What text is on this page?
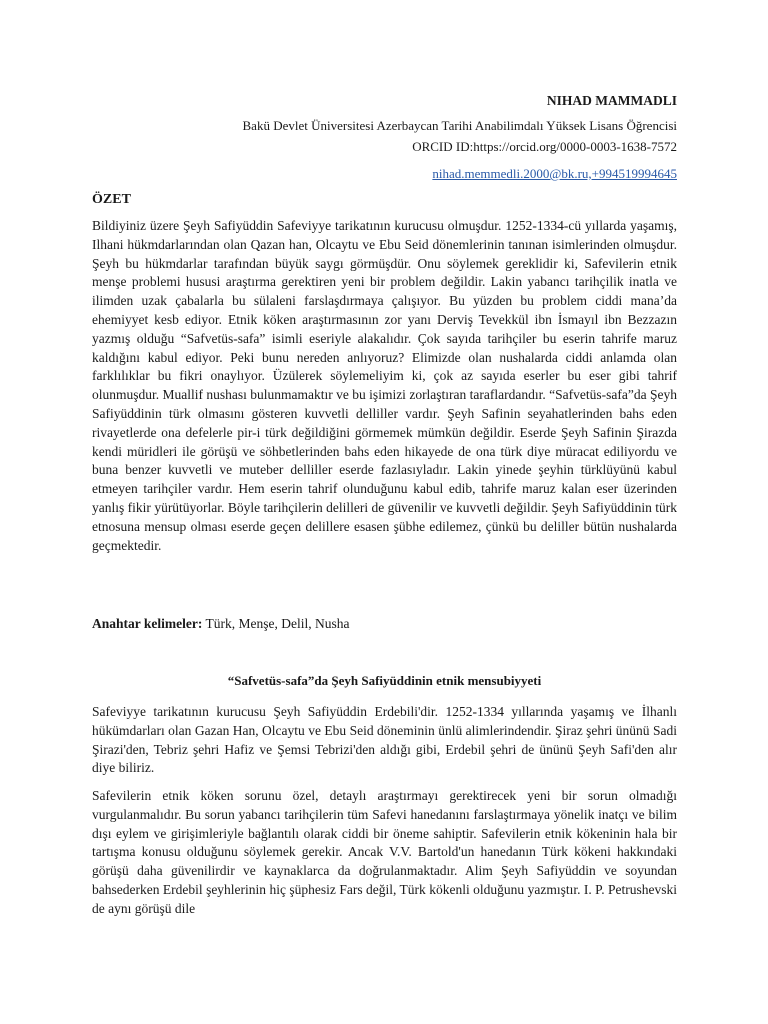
NIHAD MAMMADLI

Bakü Devlet Üniversitesi Azerbaycan Tarihi Anabilimdalı Yüksek Lisans Öğrencisi

ORCID ID:https://orcid.org/0000-0003-1638-7572

nihad.memmedli.2000@bk.ru,+994519994645

ÖZET

Bildiyiniz üzere Şeyh Safiyüddin Safeviyye tarikatının kurucusu olmuşdur. 1252-1334-cü yıllarda yaşamış, Ilhani hükmdarlarından olan Qazan han, Olcaytu ve Ebu Seid dönemlerinin tanınan isimlerinden olmuşdur. Şeyh bu hükmdarlar tarafından büyük saygı görmüşdür. Onu söylemek gereklidir ki, Safevilerin etnik menşe problemi hususi araştırma gerektiren yeni bir problem değildir. Lakin yabancı tarihçilik inatla ve ilimden uzak çabalarla bu sülaleni farslaşdırmaya çalışıyor. Bu yüzden bu problem ciddi mana’da ehemiyyet kesb ediyor. Etnik köken araştırmasının zor yanı Derviş Tevekkül ibn İsmayıl ibn Bezzazın yazmış olduğu “Safvetüs-safa” isimli eseriyle alakalıdır. Çok sayıda tarihçiler bu eserin tahrife maruz kaldığını kabul ediyor. Peki bunu nereden anlıyoruz? Elimizde olan nushalarda ciddi anlamda olan farklılıklar bu fikri onaylıyor. Üzülerek söylemeliyim ki, çok az sayıda eserler bu eser gibi tahrif olunmuşdur. Muallif nushası bulunmamaktır ve bu işimizi zorlaştıran taraflardandır. “Safvetüs-safa”da Şeyh Safiyüddinin türk olmasını gösteren kuvvetli delliller vardır. Şeyh Safinin seyahatlerinden bahs eden rivayetlerde ona defelerle pir-i türk değildiğini görmemek mümkün değildir. Eserde Şeyh Safinin Şirazda kendi müridleri ile görüşü ve söhbetlerinden bahs eden hikayede de ona türk diye müracat ediliyordu ve buna benzer kuvvetli ve muteber delliller eserde fazlasıyladır. Lakin yinede şeyhin türklüyünü kabul etmeyen tarihçiler vardır. Hem eserin tahrif olunduğunu kabul edib, tahrife maruz kalan eser üzerinden yanlış fikir yürütüyorlar. Böyle tarihçilerin delilleri de güvenilir ve kuvvetli değildir. Şeyh Safiyüddinin türk etnosuna mensup olması eserde geçen delillere esasen şübhe edilemez, çünkü bu deliller bütün nushalarda geçmektedir.

Anahtar kelimeler: Türk, Menşe, Delil, Nusha

“Safvetüs-safa”da Şeyh Safiyüddinin etnik mensubiyyeti

Safeviyye tarikatının kurucusu Şeyh Safiyüddin Erdebili'dir. 1252-1334 yıllarında yaşamış ve İlhanlı hükümdarları olan Gazan Han, Olcaytu ve Ebu Seid döneminin ünlü alimlerindendir. Şiraz şehri ününü Sadi Şirazi'den, Tebriz şehri Hafiz ve Şemsi Tebrizi'den aldığı gibi, Erdebil şehri de ününü Şeyh Safi'den alır diye biliriz.

Safevilerin etnik köken sorunu özel, detaylı araştırmayı gerektirecek yeni bir sorun olmadığı vurgulanmalıdır. Bu sorun yabancı tarihçilerin tüm Safevi hanedanını farslaştırmaya yönelik inatçı ve bilim dışı eylem ve girişimleriyle bağlantılı olarak ciddi bir öneme sahiptir. Safevilerin etnik kökeninin hala bir tartışma konusu olduğunu söylemek gerekir. Ancak V.V. Bartold'un hanedanın Türk kökeni hakkındaki görüşü daha güvenilirdir ve kaynaklarca da doğrulanmaktadır. Alim Şeyh Safiyüddin ve soyundan bahsederken Erdebil şeyhlerinin hiç şüphesiz Fars değil, Türk kökenli olduğunu yazmıştır. I. P. Petrushevski de aynı görüşü dile
